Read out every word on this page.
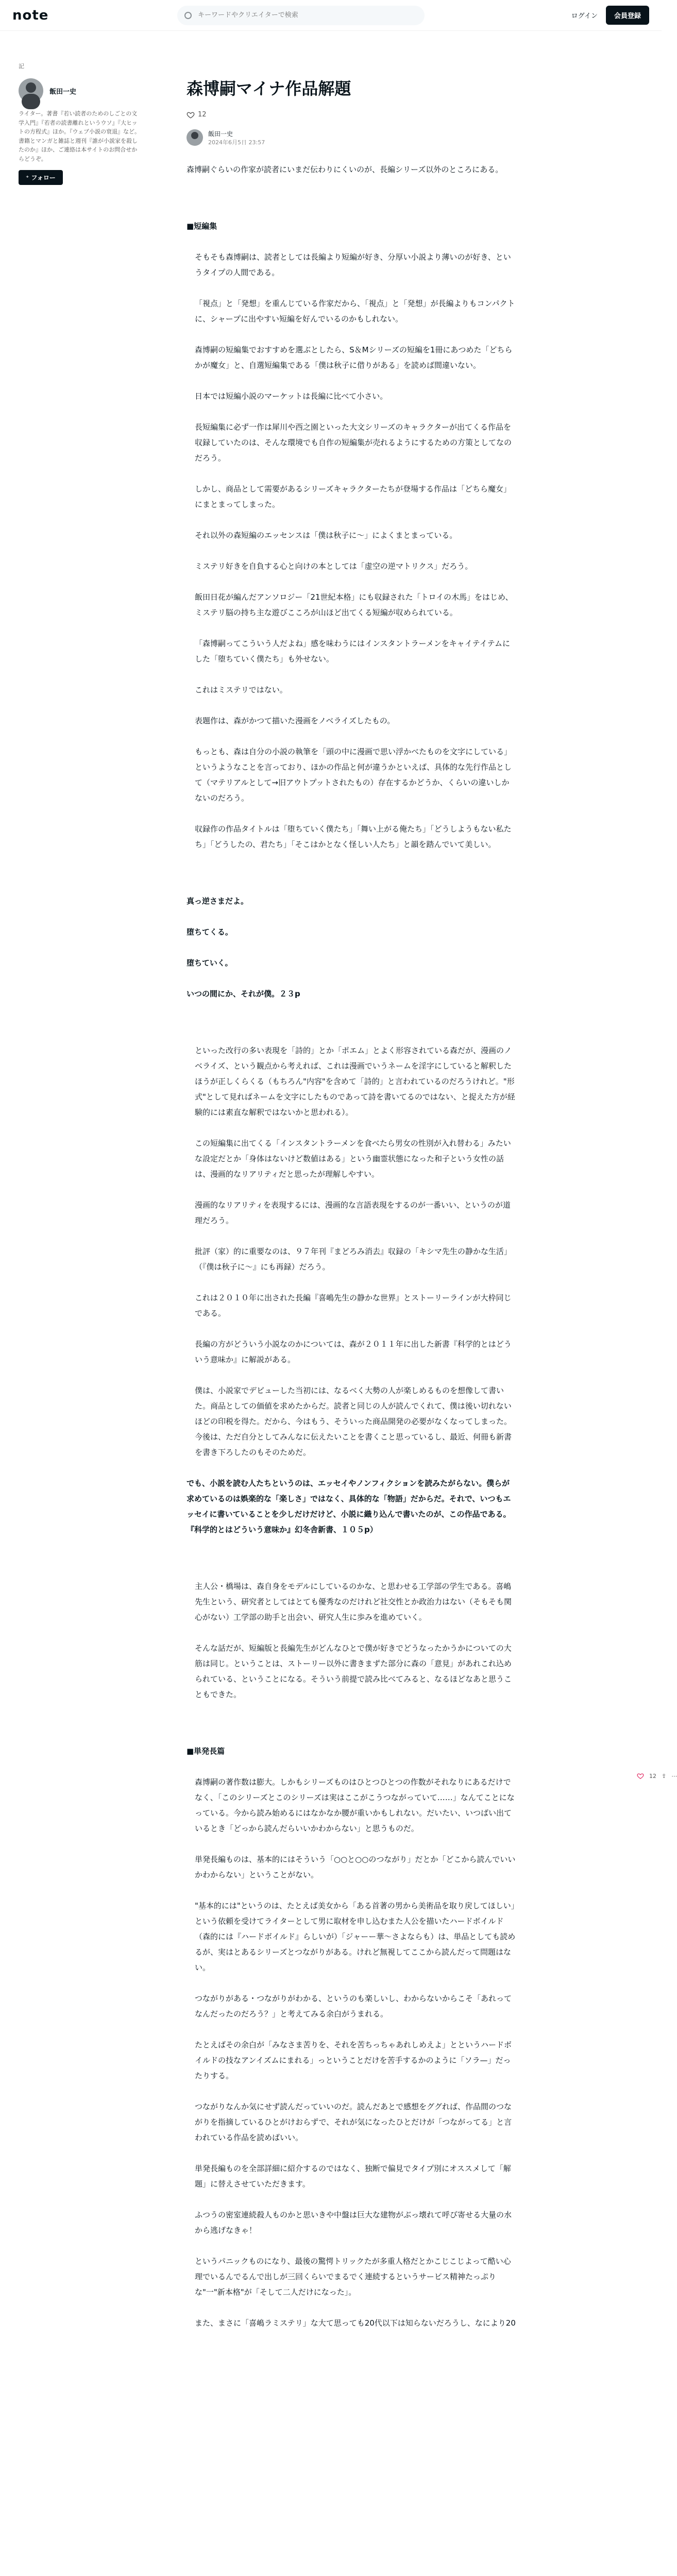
note
キーワードやクリエイターで検索	ログイン	会員登録
記
飯田一史
ライター。著書『若い読者のためのしごとの文学入門』『若者の読書離れというウソ』『大ヒットの方程式』ほか。『ウェブ小説の衰退』など。書籍とマンガと雑誌と週刊『誰が小説家を殺したのか』ほか、ご連絡は本サイトのお問合せからどうぞ。
⁺ フォロー
森博嗣マイナ作品解題
12
飯田一史
2024年6月5日 23:57

森博嗣ぐらいの作家が読者にいまだ伝わりにくいのが、長編シリーズ以外のところにある。

■短編集

そもそも森博嗣は、読者としては長編より短編が好き、分厚い小説より薄いのが好き、というタイプの人間である。

「視点」と「発想」を重んじている作家だから、「視点」と「発想」が長編よりもコンパクトに、シャープに出やすい短編を好んでいるのかもしれない。

森博嗣の短編集でおすすめを選ぶとしたら、S＆Mシリーズの短編を1冊にあつめた「どちらかが魔女」と、自選短編集である「僕は秋子に借りがある」を読めば間違いない。

日本では短編小説のマーケットは長編に比べて小さい。

長短編集に必ず一作は犀川や西之園といった大文シリーズのキャラクターが出てくる作品を収録していたのは、そんな環境でも自作の短編集が売れるようにするための方策としてなのだろう。

しかし、商品として需要があるシリーズキャラクターたちが登場する作品は「どちら魔女」にまとまってしまった。

それ以外の森短編のエッセンスは「僕は秋子に〜」によくまとまっている。

ミステリ好きを自負する心と向けの本としては「虚空の逆マトリクス」だろう。

飯田日花が編んだアンソロジー「21世紀本格」にも収録された「トロイの木馬」をはじめ、ミステリ脳の持ち主な遊びこころが山ほど出てくる短編が収められている。

「森博嗣ってこういう人だよね」感を味わうにはインスタントラーメンをキャイテイテムにした「堕ちていく僕たち」も外せない。

これはミステリではない。

表題作は、森がかつて描いた漫画をノベライズしたもの。

もっとも、森は自分の小説の執筆を「頭の中に漫画で思い浮かべたものを文字にしている」というようなことを言っており、ほかの作品と何が違うかといえば、具体的な先行作品として（マテリアルとして→旧アウトプットされたもの）存在するかどうか、くらいの違いしかないのだろう。

収録作の作品タイトルは「堕ちていく僕たち」「舞い上がる俺たち」「どうしようもない私たち」「どうしたの、君たち」「そこはかとなく怪しい人たち」と韻を踏んでいて美しい。

真っ逆さまだよ。

堕ちてくる。

堕ちていく。

いつの間にか、それが僕。２３p

といった改行の多い表現を「詩的」とか「ポエム」とよく形容されている森だが、漫画のノベライズ、という観点から考えれば、これは漫画でいうネームを淫字にしていると解釈したほうが正しくらくる（もちろん"内容"を含めて「詩的」と言われているのだろうけれど。"形式"として見ればネームを文字にしたものであって詩を書いてるのではない、と捉えた方が経験的には素直な解釈ではないかと思われる）。

この短編集に出てくる「インスタントラーメンを食べたら男女の性別が入れ替わる」みたいな設定だとか「身体はないけど数値はある」という幽霊状態になった和子という女性の話は、漫画的なリアリティだと思ったが理解しやすい。

漫画的なリアリティを表現するには、漫画的な言語表現をするのが一番いい、というのが道理だろう。

批評（家）的に重要なのは、９７年刊『まどろみ消去』収録の「キシマ先生の静かな生活」（『僕は秋子に〜』にも再録）だろう。

これは２０１０年に出された長編『喜嶋先生の静かな世界』とストーリーラインが大枠同じである。

長編の方がどういう小説なのかについては、森が２０１１年に出した新書『科学的とはどういう意味か』に解説がある。

僕は、小説家でデビューした当初には、なるべく大勢の人が楽しめるものを想像して書いた。商品としての価値を求めたからだ。読者と同じの人が読んでくれて、僕は後い切れないほどの印税を得た。だから、今はもう、そういった商品開発の必要がなくなってしまった。今後は、ただ自分としてみんなに伝えたいことを書くこと思っているし、最近、何冊も新書を書き下ろしたのもそのためだ。

でも、小説を読む人たちというのは、エッセイやノンフィクションを読みたがらない。僕らが求めているのは娯楽的な「楽しさ」ではなく、具体的な「物語」だからだ。それで、いつもエッセイに書いていることを少しだけだけど、小説に織り込んで書いたのが、この作品である。『科学的とはどういう意味か』幻冬舎新書、１０５p）

主人公・橋場は、森自身をモデルにしているのかな、と思わせる工学部の学生である。喜嶋先生という、研究者としてはとても優秀なのだけれど社交性とか政治力はない（そもそも関心がない）工学部の助手と出会い、研究人生に歩みを進めていく。

そんな話だが、短編版と長編先生がどんなひとで僕が好きでどうなったかうかについての大筋は同じ。ということは、ストーリー以外に書きまずた部分に森の「意見」があれこれ込められている、ということになる。そういう前提で読み比べてみると、なるほどなあと思うこともできた。

■単発長篇

森博嗣の著作数は膨大。しかもシリーズものはひとつひとつの作数がそれなりにあるだけでなく、「このシリーズとこのシリーズは実はここがこうつながっていて……」なんてことになっている。今から読み始めるにはなかなか腰が重いかもしれない。だいたい、いつばい出ているとき「どっから読んだらいいかわからない」と思うものだ。

単発長編ものは、基本的にはそういう「○○と○○のつながり」だとか「どこから読んでいいかわからない」ということがない。

"基本的には"というのは、たとえば美女から「ある首著の男から美術品を取り戻してほしい」という依頼を受けてライターとして男に取材を申し込むまた人公を描いたハードボイルド（森的には『ハードボイルド』らしいが）「ジャーー華～さよならも）は、単品としても読めるが、実はとあるシリーズとつながりがある。けれど無視してここから読んだって問題はない。

つながりがある・つながりがわかる、というのも楽しいし、わからないからこそ「あれってなんだったのだろう？」と考えてみる余白がうまれる。

たとえばその余白が「みなさま苦りを、それを苦ちっちゃあれしめえよ」とというハードボイルドの技なアンイズムにまれる」っということだけを苦手するかのように「ソラ—」だったりする。

つながりなんか気にせず読んだっていいのだ。読んだあとで感想をググれば、作品間のつながりを指摘しているひとがけおらずで、それが気になったひとだけが「つながってる」と言われている作品を読めばいい。

単発長編ものを全部詳細に紹介するのではなく、独断で偏見でタイプ別にオススメして「解題」に替えさせていただきます。

ふつうの密室連続殺人ものかと思いきや中盤は巨大な建物がぶっ壊れて呼び寄せる大量の水から逃げなきゃ！

というパニックものになり、最後の驚愕トリックたが多重人格だとかこじこじよって酷い心理でいるんでるんで出しが三回くらいでまるでく連続するというサービス精神たっぷりな"一"新本格"が「そして二人だけになった」。

また、まさに「喜嶋ラミステリ」な大て思っても20代以下は知らないだろうし、なにより20

12 ⇪ ⋯
